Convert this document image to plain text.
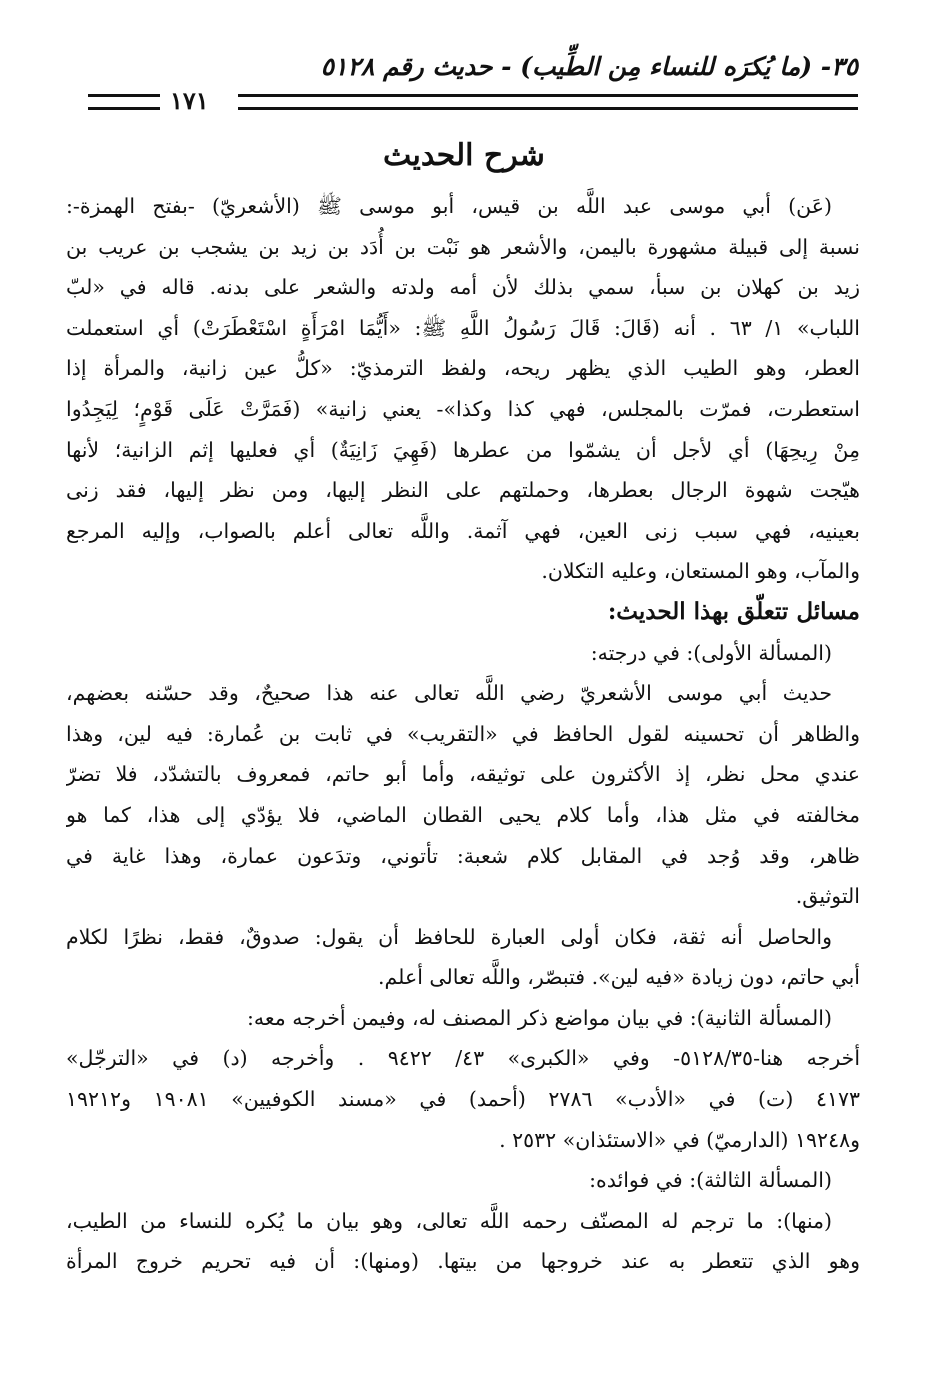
٣٥- (ما يُكرَه للنساء مِن الطِّيب) - حديث رقم ٥١٢٨
١٧١
شرح الحديث
(عَن) أبي موسى عبد اللَّه بن قيس، أبو موسى ﷺ (الأشعريّ) -بفتح الهمزة-:
نسبة إلى قبيلة مشهورة باليمن، والأشعر هو نَبْت بن أُدَد بن زيد بن يشجب بن عريب بن
زيد بن كهلان بن سبأ، سمي بذلك لأن أمه ولدته والشعر على بدنه. قاله في «لبّ
اللباب» ١/ ٦٣ . أنه (قَالَ: قَالَ رَسُولُ اللَّهِ ﷺ: «أَيُّمَا امْرَأَةٍ اسْتَعْطَرَتْ) أي استعملت
العطر، وهو الطيب الذي يظهر ريحه، ولفظ الترمذيّ: «كلُّ عين زانية، والمرأة إذا
استعطرت، فمرّت بالمجلس، فهي كذا وكذا»- يعني زانية» (فَمَرَّتْ عَلَى قَوْمٍ؛ لِيَجِدُوا
مِنْ رِيحِهَا) أي لأجل أن يشمّوا من عطرها (فَهِيَ زَانِيَةٌ) أي فعليها إثم الزانية؛ لأنها
هيّجت شهوة الرجال بعطرها، وحملتهم على النظر إليها، ومن نظر إليها، فقد زنى
بعينيه، فهي سبب زنى العين، فهي آثمة. واللَّه تعالى أعلم بالصواب، وإليه المرجع
والمآب، وهو المستعان، وعليه التكلان.
مسائل تتعلّق بهذا الحديث:
(المسألة الأولى): في درجته:
حديث أبي موسى الأشعريّ رضي اللَّه تعالى عنه هذا صحيحٌ، وقد حسّنه بعضهم،
والظاهر أن تحسينه لقول الحافظ في «التقريب» في ثابت بن عُمارة: فيه لين، وهذا
عندي محل نظر، إذ الأكثرون على توثيقه، وأما أبو حاتم، فمعروف بالتشدّد، فلا تضرّ
مخالفته في مثل هذا، وأما كلام يحيى القطان الماضي، فلا يؤدّي إلى هذا، كما هو
ظاهر، وقد وُجد في المقابل كلام شعبة: تأتوني، وتدَعون عمارة، وهذا غاية في
التوثيق.
والحاصل أنه ثقة، فكان أولى العبارة للحافظ أن يقول: صدوقٌ، فقط، نظرًا لكلام
أبي حاتم، دون زيادة «فيه لين». فتبصّر، واللَّه تعالى أعلم.
(المسألة الثانية): في بيان مواضع ذكر المصنف له، وفيمن أخرجه معه:
أخرجه هنا-٥١٢٨/٣٥- وفي «الكبرى» ٤٣/ ٩٤٢٢ . وأخرجه (د) في «الترجّل»
٤١٧٣ (ت) في «الأدب» ٢٧٨٦ (أحمد) في «مسند الكوفيين» ١٩٠٨١ و١٩٢١٢
و١٩٢٤٨ (الدارميّ) في «الاستئذان» ٢٥٣٢ .
(المسألة الثالثة): في فوائده:
(منها): ما ترجم له المصنّف رحمه اللَّه تعالى، وهو بيان ما يُكره للنساء من الطيب،
وهو الذي تتعطر به عند خروجها من بيتها. (ومنها): أن فيه تحريم خروج المرأة
